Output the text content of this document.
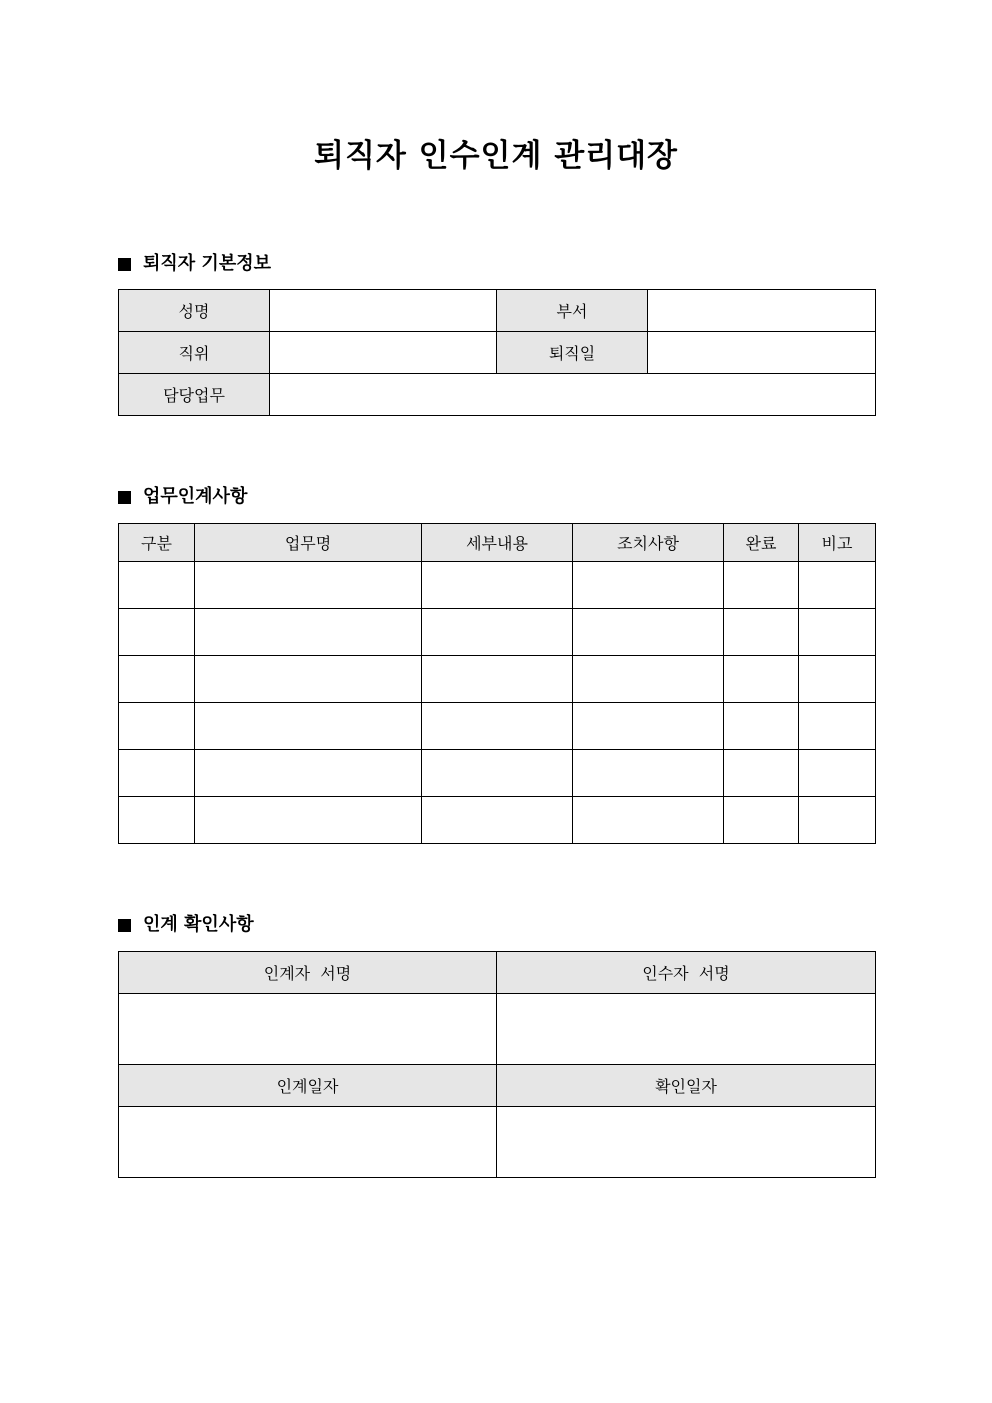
퇴직자 인수인계 관리대장
퇴직자 기본정보
성명		부서	
직위		퇴직일	
담당업무			
업무인계사항
구분	업무명	세부내용	조치사항	완료	비고

인계 확인사항
인계자  서명	인수자  서명

인계일자	확인일자
